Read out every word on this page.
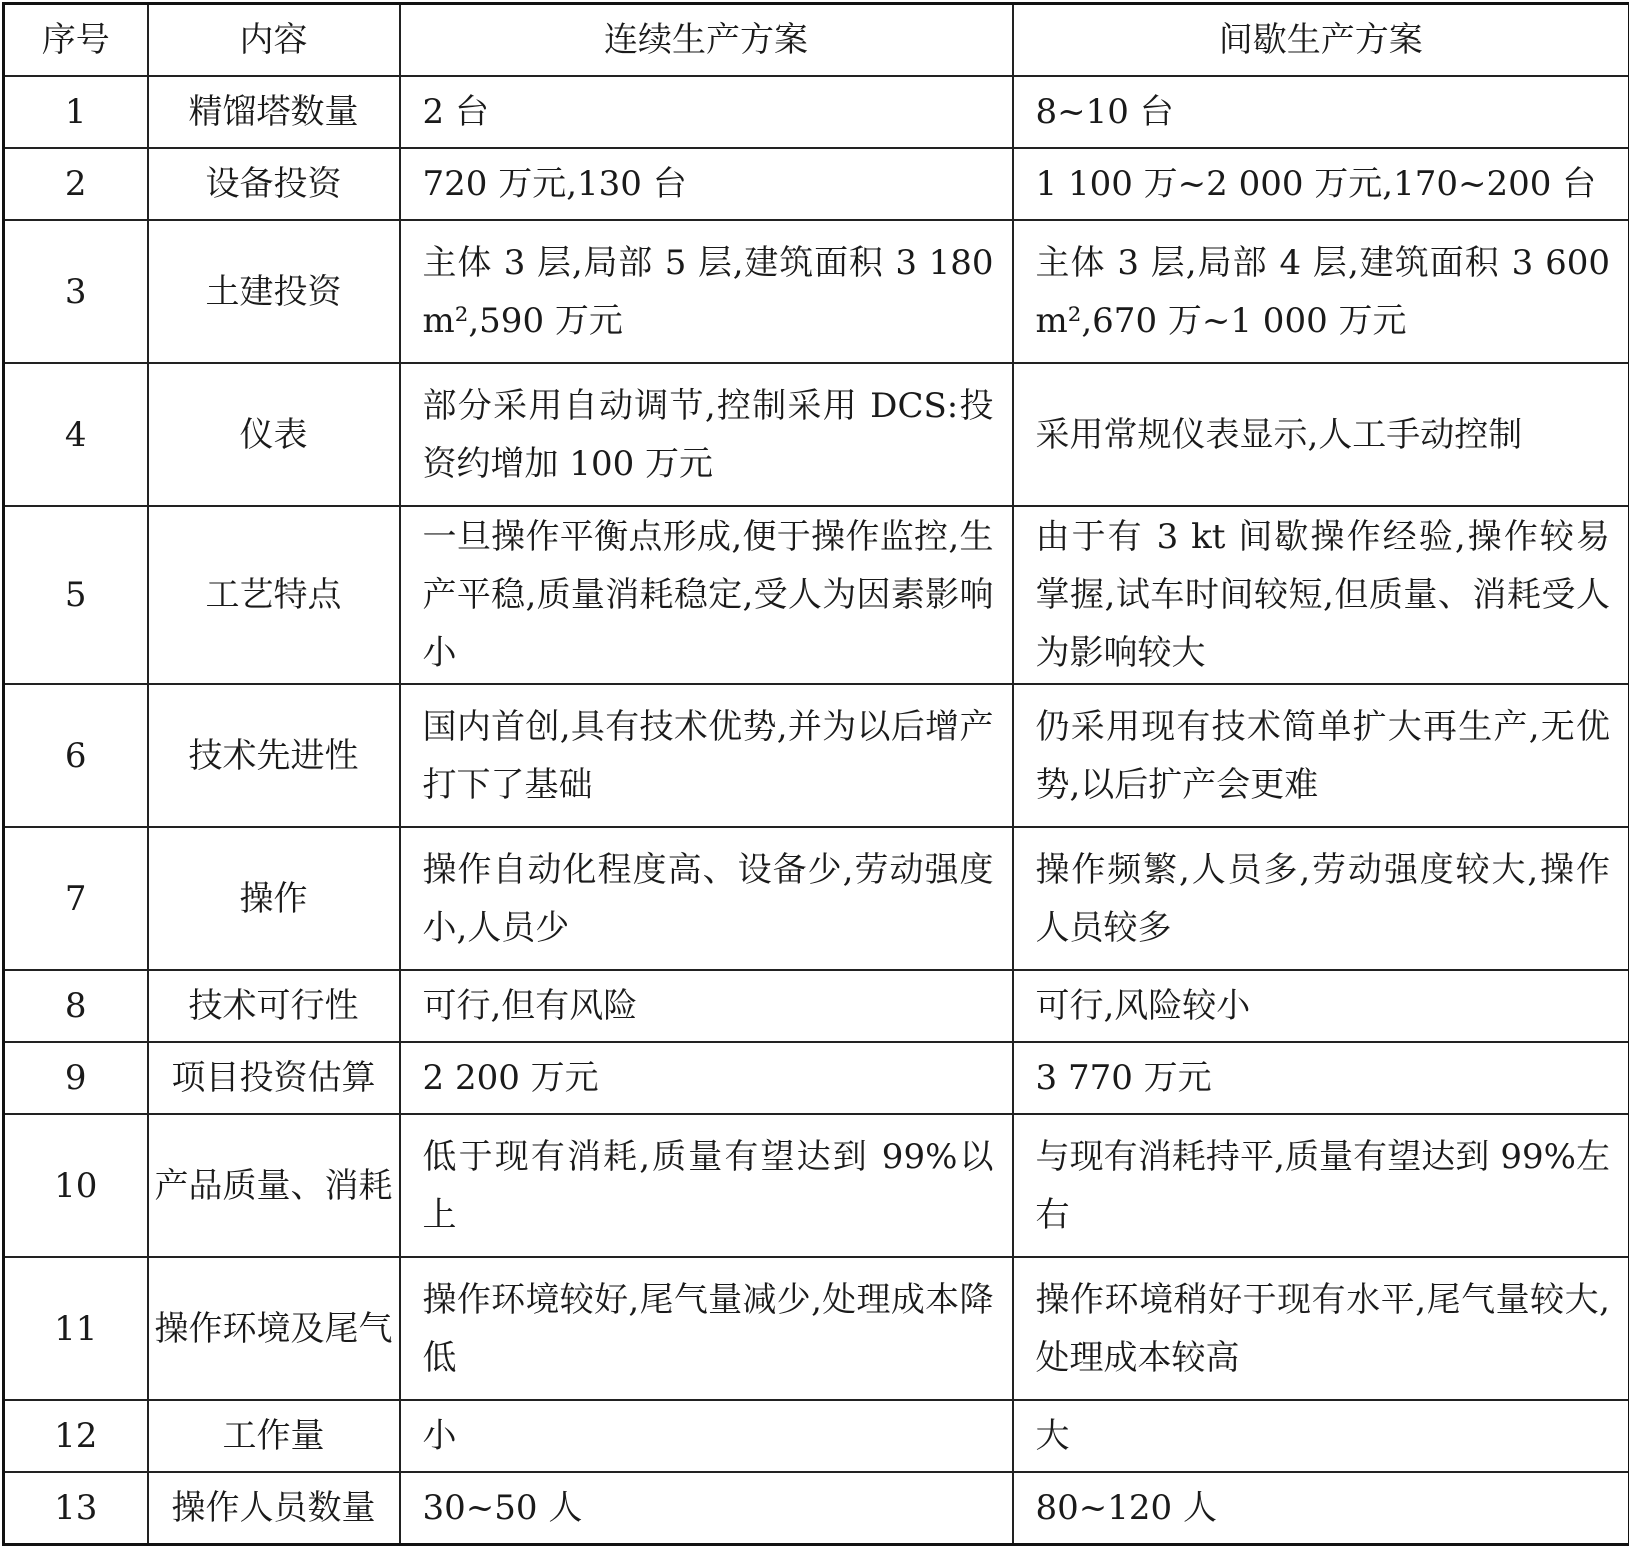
序号	内容	连续生产方案	间歇生产方案
1	精馏塔数量	2 台	8~10 台
2	设备投资	720 万元,130 台	1 100 万~2 000 万元,170~200 台
3	土建投资	主体 3 层,局部 5 层,建筑面积 3 180 m²,590 万元	主体 3 层,局部 4 层,建筑面积 3 600 m²,670 万~1 000 万元
4	仪表	部分采用自动调节,控制采用 DCS:投资约增加 100 万元	采用常规仪表显示,人工手动控制
5	工艺特点	一旦操作平衡点形成,便于操作监控,生产平稳,质量消耗稳定,受人为因素影响小	由于有 3 kt 间歇操作经验,操作较易掌握,试车时间较短,但质量、消耗受人为影响较大
6	技术先进性	国内首创,具有技术优势,并为以后增产打下了基础	仍采用现有技术简单扩大再生产,无优势,以后扩产会更难
7	操作	操作自动化程度高、设备少,劳动强度小,人员少	操作频繁,人员多,劳动强度较大,操作人员较多
8	技术可行性	可行,但有风险	可行,风险较小
9	项目投资估算	2 200 万元	3 770 万元
10	产品质量、消耗	低于现有消耗,质量有望达到 99%以上	与现有消耗持平,质量有望达到 99%左右
11	操作环境及尾气	操作环境较好,尾气量减少,处理成本降低	操作环境稍好于现有水平,尾气量较大,处理成本较高
12	工作量	小	大
13	操作人员数量	30~50 人	80~120 人
